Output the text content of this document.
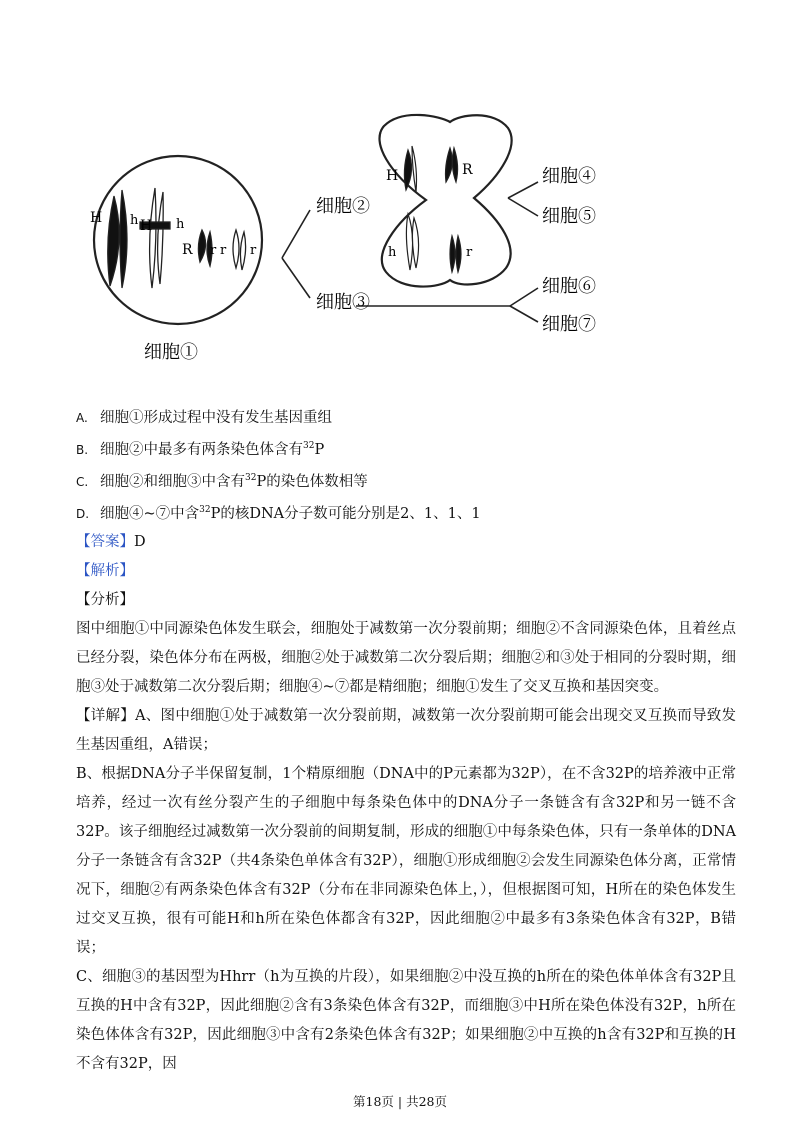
H h H h
R r r r
细胞①
细胞②
细胞③
H	R
h	r
细胞④
细胞⑤
细胞⑥
细胞⑦
A. 细胞①形成过程中没有发生基因重组
B. 细胞②中最多有两条染色体含有$^{32}$P
C. 细胞②和细胞③中含有$^{32}$P的染色体数相等
D. 细胞④~⑦中含$^{32}$P的核DNA分子数可能分别是2、1、1、1
【答案】D
【解析】
【分析】
图中细胞①中同源染色体发生联会，细胞处于减数第一次分裂前期；细胞②不含同源染色体，且着丝点已经分裂，染色体分布在两极，细胞②处于减数第二次分裂后期；细胞②和③处于相同的分裂时期，细胞③处于减数第二次分裂后期；细胞④~⑦都是精细胞；细胞①发生了交叉互换和基因突变。
【详解】A、图中细胞①处于减数第一次分裂前期，减数第一次分裂前期可能会出现交叉互换而导致发生基因重组，A错误；
B、根据DNA分子半保留复制，1个精原细胞（DNA中的P元素都为32P），在不含32P的培养液中正常培养，经过一次有丝分裂产生的子细胞中每条染色体中的DNA分子一条链含有含32P和另一链不含32P。该子细胞经过减数第一次分裂前的间期复制，形成的细胞①中每条染色体，只有一条单体的DNA分子一条链含有含32P（共4条染色单体含有32P），细胞①形成细胞②会发生同源染色体分离，正常情况下，细胞②有两条染色体含有32P（分布在非同源染色体上，），但根据图可知，H所在的染色体发生过交叉互换，很有可能H和h所在染色体都含有32P，因此细胞②中最多有3条染色体含有32P，B错误；
C、细胞③的基因型为Hhrr（h为互换的片段），如果细胞②中没互换的h所在的染色体单体含有32P且互换的H中含有32P，因此细胞②含有3条染色体含有32P，而细胞③中H所在染色体没有32P，h所在染色体体含有32P，因此细胞③中含有2条染色体含有32P；如果细胞②中互换的h含有32P和互换的H不含有32P，因
第18页 | 共28页
